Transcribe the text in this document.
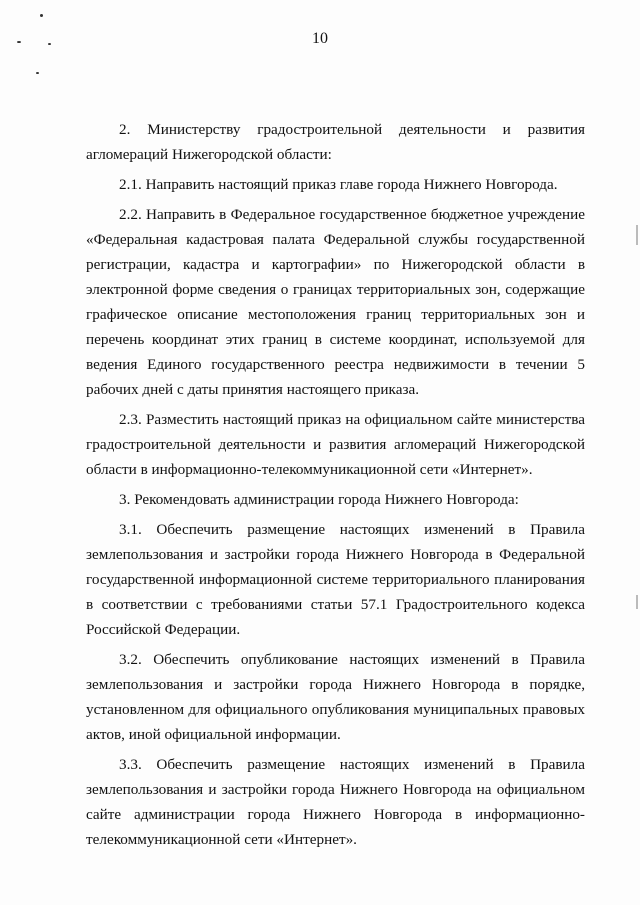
10

2. Министерству градостроительной деятельности и развития агломераций Нижегородской области:

2.1. Направить настоящий приказ главе города Нижнего Новгорода.

2.2. Направить в Федеральное государственное бюджетное учреждение «Федеральная кадастровая палата Федеральной службы государственной регистрации, кадастра и картографии» по Нижегородской области в электронной форме сведения о границах территориальных зон, содержащие графическое описание местоположения границ территориальных зон и перечень координат этих границ в системе координат, используемой для ведения Единого государственного реестра недвижимости в течении 5 рабочих дней с даты принятия настоящего приказа.

2.3. Разместить настоящий приказ на официальном сайте министерства градостроительной деятельности и развития агломераций Нижегородской области в информационно-телекоммуникационной сети «Интернет».

3. Рекомендовать администрации города Нижнего Новгорода:

3.1. Обеспечить размещение настоящих изменений в Правила землепользования и застройки города Нижнего Новгорода в Федеральной государственной информационной системе территориального планирования в соответствии с требованиями статьи 57.1 Градостроительного кодекса Российской Федерации.

3.2. Обеспечить опубликование настоящих изменений в Правила землепользования и застройки города Нижнего Новгорода в порядке, установленном для официального опубликования муниципальных правовых актов, иной официальной информации.

3.3. Обеспечить размещение настоящих изменений в Правила землепользования и застройки города Нижнего Новгорода на официальном сайте администрации города Нижнего Новгорода в информационно-телекоммуникационной сети «Интернет».
